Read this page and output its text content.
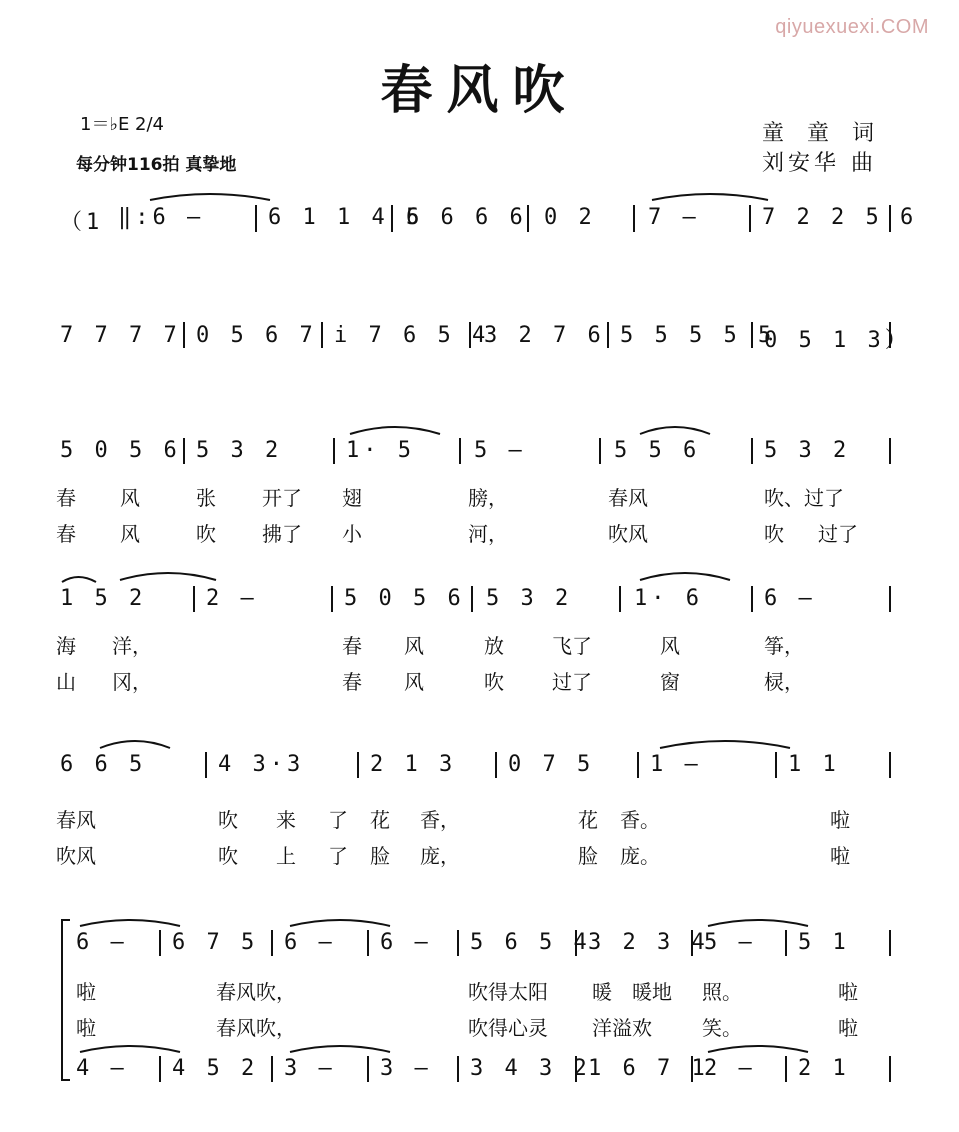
qiyuexuexi.COM
春风吹
1＝♭E 2/4
每分钟116拍 真挚地
童 童 词
刘安华 曲
（1 ‖:6 –	6 1 1 4 5
6 6 6 6 0 2 7 –	7 2 2 5 6
7 7 7 7 0 5 6 7 i 7 6 5 4
3 2 7 6 5 5 5 5 5
0 5 1 3）
5 0 5 6 5 3 2	1· 5	5 –	5 5 6	5 3 2
春 风	张 开了 翅	膀，	春风	吹、过了
春 风	吹 拂了 小	河，	吹风	吹 过了
1 5 2	2 –	5 0 5 6 5 3 2	1· 6	6 –
海 洋，	春 风	放 飞了	风	筝，
山 冈，	春 风	吹 过了	窗	棂，
6 6 5	4 3·3	2 1 3 0 7 5	1 –	1 1
春风	吹 来 了 花 香，	花 香。	啦
吹风	吹 上 了 脸 庞，	脸 庞。	啦
6 – 6 7 5 6 – 6 – 5 6 5 4
3 2 3 4
5 – 5 1
啦	春风吹，	吹得太阳 暖 暖地 照。	啦
啦	春风吹，	吹得心灵 洋溢欢	笑。	啦
4 – 4 5 2 3 – 3 – 3 4 3 2
1 6 7 1
2 – 2 1
